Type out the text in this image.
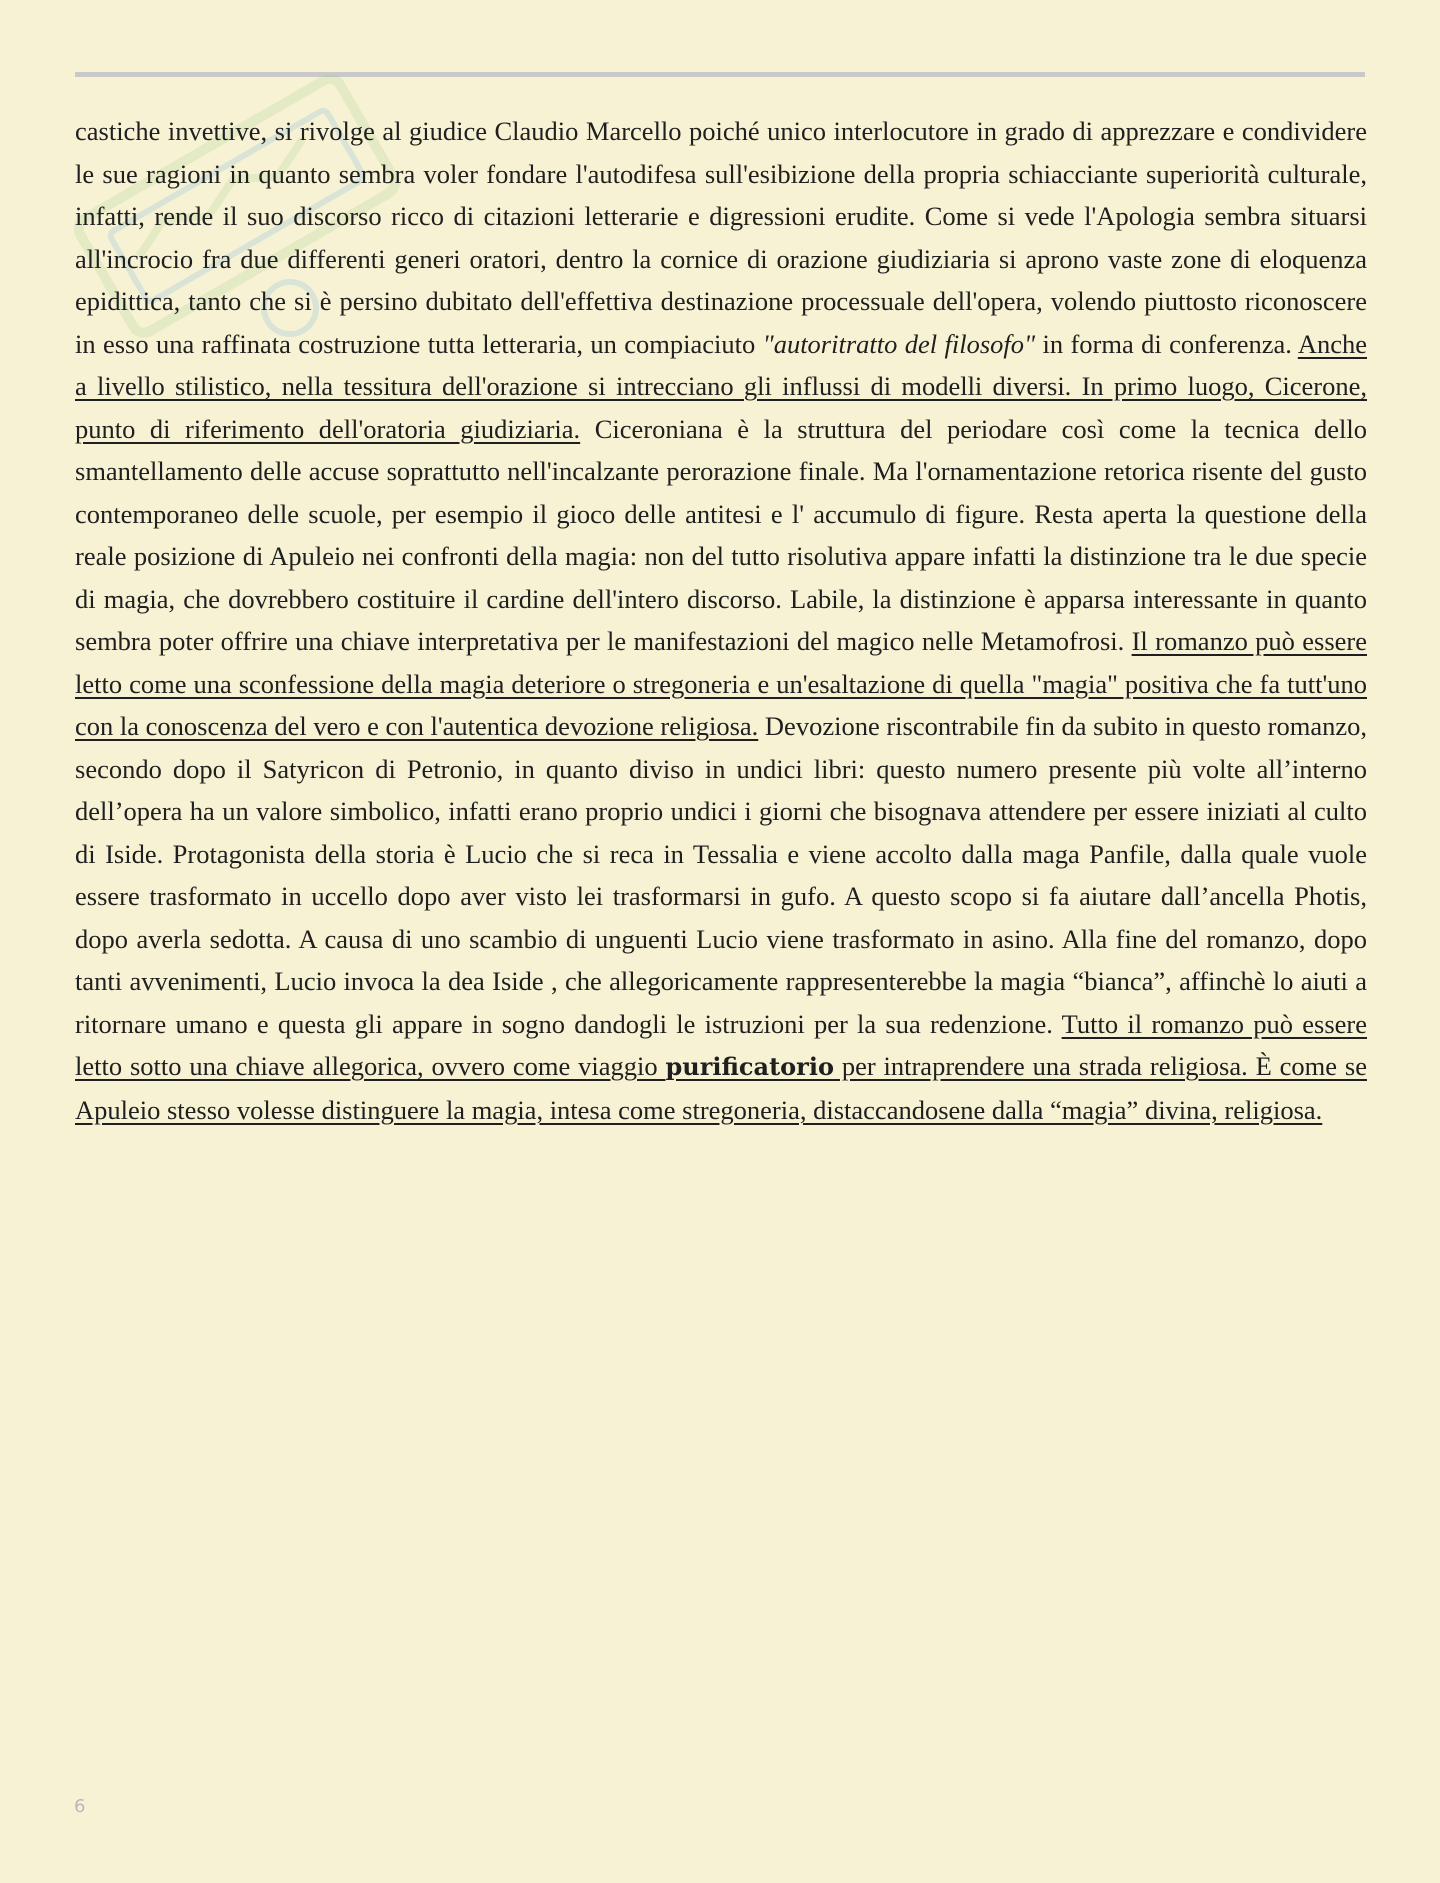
castiche invettive, si rivolge al giudice Claudio Marcello poiché unico interlocutore in grado di apprezzare e condividere le sue ragioni in quanto sembra voler fondare l'autodifesa sull'esibizione della propria schiacciante superiorità culturale, infatti, rende il suo discorso ricco di citazioni letterarie e digressioni erudite. Come si vede l'Apologia sembra situarsi all'incrocio fra due differenti generi oratori, dentro la cornice di orazione giudiziaria si aprono vaste zone di eloquenza epidittica, tanto che si è persino dubitato dell'effettiva destinazione processuale dell'opera, volendo piuttosto riconoscere in esso una raffinata costruzione tutta letteraria, un compiaciuto "autoritratto del filosofo" in forma di conferenza. Anche a livello stilistico, nella tessitura dell'orazione si intrecciano gli influssi di modelli diversi. In primo luogo, Cicerone, punto di riferimento dell'oratoria giudiziaria. Ciceroniana è la struttura del periodare così come la tecnica dello smantellamento delle accuse soprattutto nell'incalzante perorazione finale. Ma l'ornamentazione retorica risente del gusto contemporaneo delle scuole, per esempio il gioco delle antitesi e l' accumulo di figure. Resta aperta la questione della reale posizione di Apuleio nei confronti della magia: non del tutto risolutiva appare infatti la distinzione tra le due specie di magia, che dovrebbero costituire il cardine dell'intero discorso. Labile, la distinzione è apparsa interessante in quanto sembra poter offrire una chiave interpretativa per le manifestazioni del magico nelle Metamofrosi. Il romanzo può essere letto come una sconfessione della magia deteriore o stregoneria e un'esaltazione di quella "magia" positiva che fa tutt'uno con la conoscenza del vero e con l'autentica devozione religiosa. Devozione riscontrabile fin da subito in questo romanzo, secondo dopo il Satyricon di Petronio, in quanto diviso in undici libri: questo numero presente più volte all’interno dell’opera ha un valore simbolico, infatti erano proprio undici i giorni che bisognava attendere per essere iniziati al culto di Iside. Protagonista della storia è Lucio che si reca in Tessalia e viene accolto dalla maga Panfile, dalla quale vuole essere trasformato in uccello dopo aver visto lei trasformarsi in gufo. A questo scopo si fa aiutare dall’ancella Photis, dopo averla sedotta. A causa di uno scambio di unguenti Lucio viene trasformato in asino. Alla fine del romanzo, dopo tanti avvenimenti, Lucio invoca la dea Iside , che allegoricamente rappresenterebbe la magia “bianca”, affinchè lo aiuti a ritornare umano e questa gli appare in sogno dandogli le istruzioni per la sua redenzione. Tutto il romanzo può essere letto sotto una chiave allegorica, ovvero come viaggio purificatorio per intraprendere una strada religiosa. È come se Apuleio stesso volesse distinguere la magia, intesa come stregoneria, distaccandosene dalla “magia” divina, religiosa.

6
